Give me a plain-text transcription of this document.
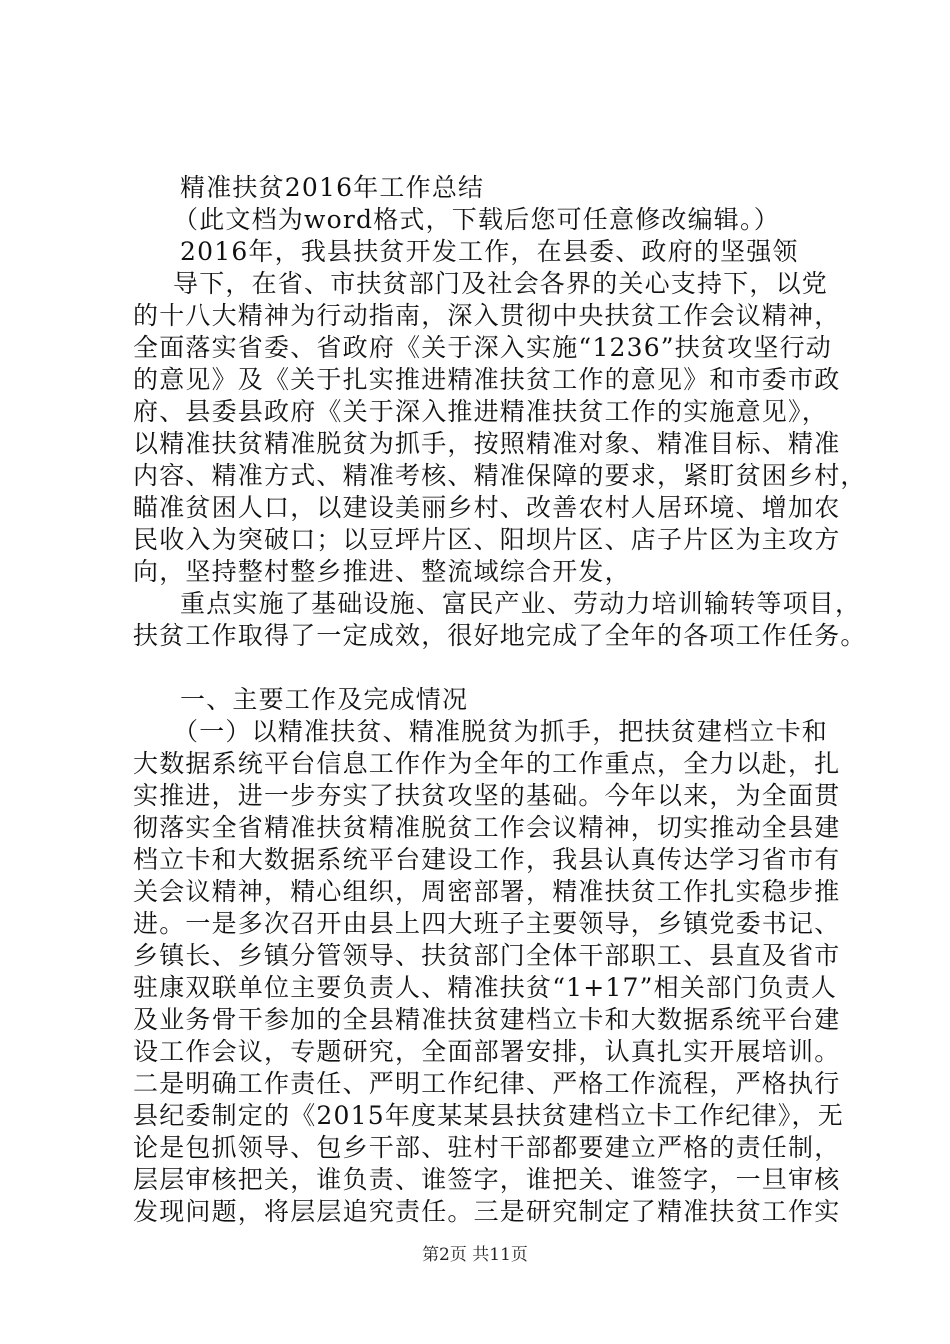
精准扶贫2016年工作总结
（此文档为word格式，下载后您可任意修改编辑。）
2016年，我县扶贫开发工作，在县委、政府的坚强领
导下，在省、市扶贫部门及社会各界的关心支持下，以党
的十八大精神为行动指南，深入贯彻中央扶贫工作会议精神，
全面落实省委、省政府《关于深入实施“1236”扶贫攻坚行动
的意见》及《关于扎实推进精准扶贫工作的意见》和市委市政
府、县委县政府《关于深入推进精准扶贫工作的实施意见》，
以精准扶贫精准脱贫为抓手，按照精准对象、精准目标、精准
内容、精准方式、精准考核、精准保障的要求，紧盯贫困乡村，
瞄准贫困人口，以建设美丽乡村、改善农村人居环境、增加农
民收入为突破口；以豆坪片区、阳坝片区、店子片区为主攻方
向，坚持整村整乡推进、整流域综合开发，
重点实施了基础设施、富民产业、劳动力培训输转等项目，
扶贫工作取得了一定成效，很好地完成了全年的各项工作任务。
一、主要工作及完成情况
（一）以精准扶贫、精准脱贫为抓手，把扶贫建档立卡和
大数据系统平台信息工作作为全年的工作重点，全力以赴，扎
实推进，进一步夯实了扶贫攻坚的基础。今年以来，为全面贯
彻落实全省精准扶贫精准脱贫工作会议精神，切实推动全县建
档立卡和大数据系统平台建设工作，我县认真传达学习省市有
关会议精神，精心组织，周密部署，精准扶贫工作扎实稳步推
进。一是多次召开由县上四大班子主要领导，乡镇党委书记、
乡镇长、乡镇分管领导、扶贫部门全体干部职工、县直及省市
驻康双联单位主要负责人、精准扶贫“1+17”相关部门负责人
及业务骨干参加的全县精准扶贫建档立卡和大数据系统平台建
设工作会议，专题研究，全面部署安排，认真扎实开展培训。
二是明确工作责任、严明工作纪律、严格工作流程，严格执行
县纪委制定的《2015年度某某县扶贫建档立卡工作纪律》，无
论是包抓领导、包乡干部、驻村干部都要建立严格的责任制，
层层审核把关，谁负责、谁签字，谁把关、谁签字，一旦审核
发现问题，将层层追究责任。三是研究制定了精准扶贫工作实
第2页 共11页
